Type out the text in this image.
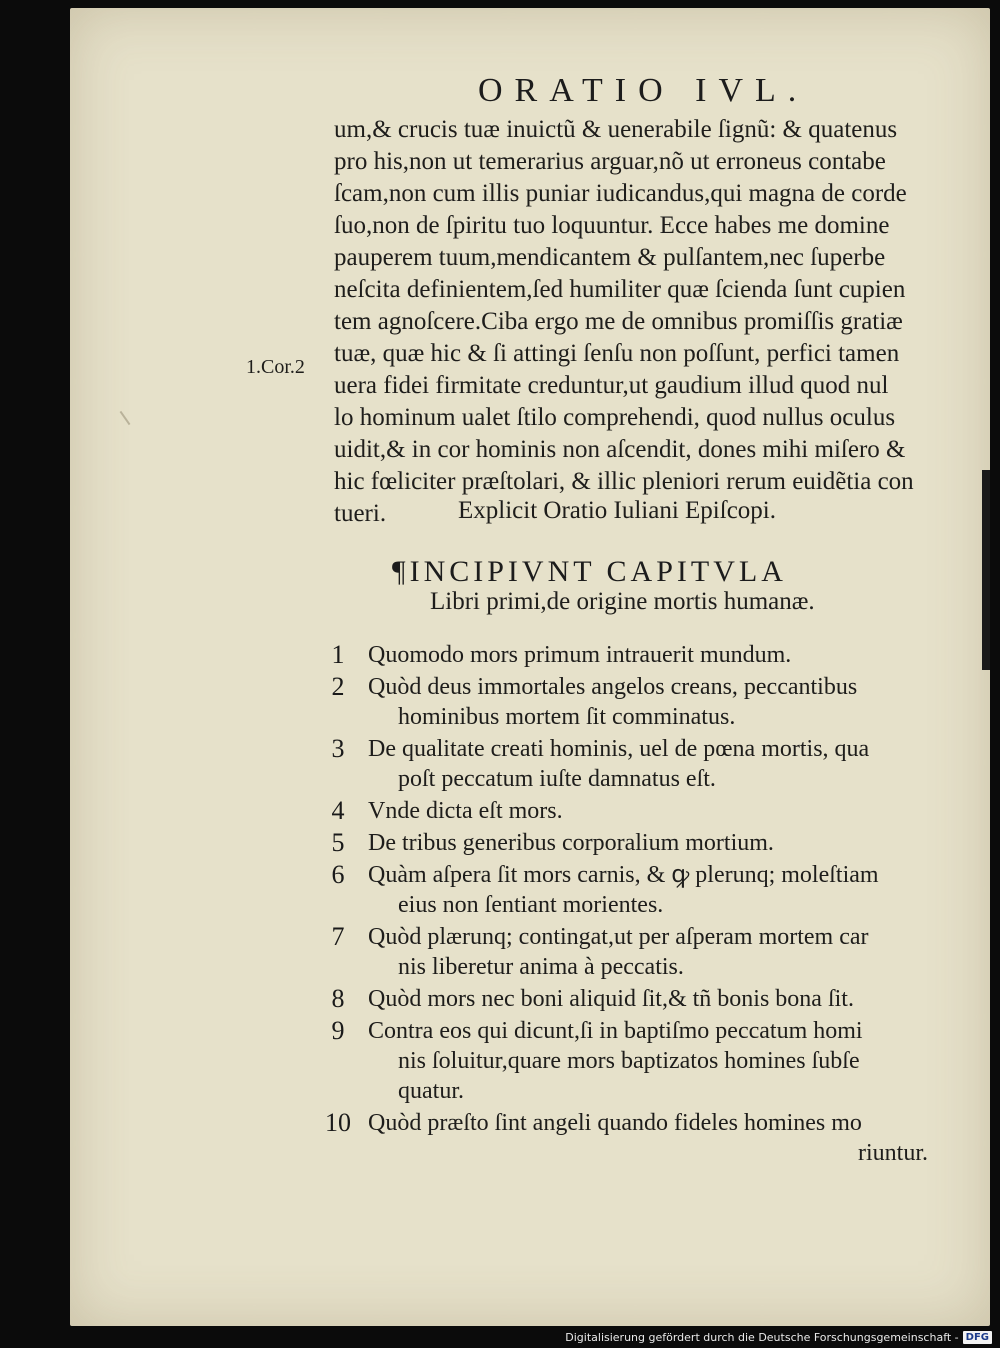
ORATIO IVL.
1.Cor.2
um,& crucis tuæ inuictũ & uenerabile ſignũ: & quatenus
pro his,non ut temerarius arguar,nõ ut erroneus contabe
ſcam,non cum illis puniar iudicandus,qui magna de corde
ſuo,non de ſpiritu tuo loquuntur. Ecce habes me domine
pauperem tuum,mendicantem & pulſantem,nec ſuperbe
neſcita definientem,ſed humiliter quæ ſcienda ſunt cupien
tem agnoſcere.Ciba ergo me de omnibus promiſſis gratiæ
tuæ, quæ hic & ſi attingi ſenſu non poſſunt, perfici tamen
uera fidei firmitate creduntur,ut gaudium illud quod nul
lo hominum ualet ſtilo comprehendi, quod nullus oculus
uidit,& in cor hominis non aſcendit, dones mihi miſero &
hic fœliciter præſtolari, & illic pleniori rerum euidẽtia con
tueri.	Explicit Oratio Iuliani Epiſcopi.
¶INCIPIVNT CAPITVLA
Libri primi,de origine mortis humanæ.
1 Quomodo mors primum intrauerit mundum.
2 Quòd deus immortales angelos creans, peccantibus
hominibus mortem ſit comminatus.
3 De qualitate creati hominis, uel de pœna mortis, qua
poſt peccatum iuſte damnatus eſt.
4 Vnde dicta eſt mors.
5 De tribus generibus corporalium mortium.
6 Quàm aſpera ſit mors carnis, & ꝙ plerunq; moleſtiam
eius non ſentiant morientes.
7 Quòd plærunq; contingat,ut per aſperam mortem car
nis liberetur anima à peccatis.
8 Quòd mors nec boni aliquid ſit,& tñ bonis bona ſit.
9 Contra eos qui dicunt,ſi in baptiſmo peccatum homi
nis ſoluitur,quare mors baptizatos homines ſubſe
quatur.
10 Quòd præſto ſint angeli quando fideles homines mo
riuntur.
Digitalisierung gefördert durch die Deutsche Forschungsgemeinschaft - DFG
